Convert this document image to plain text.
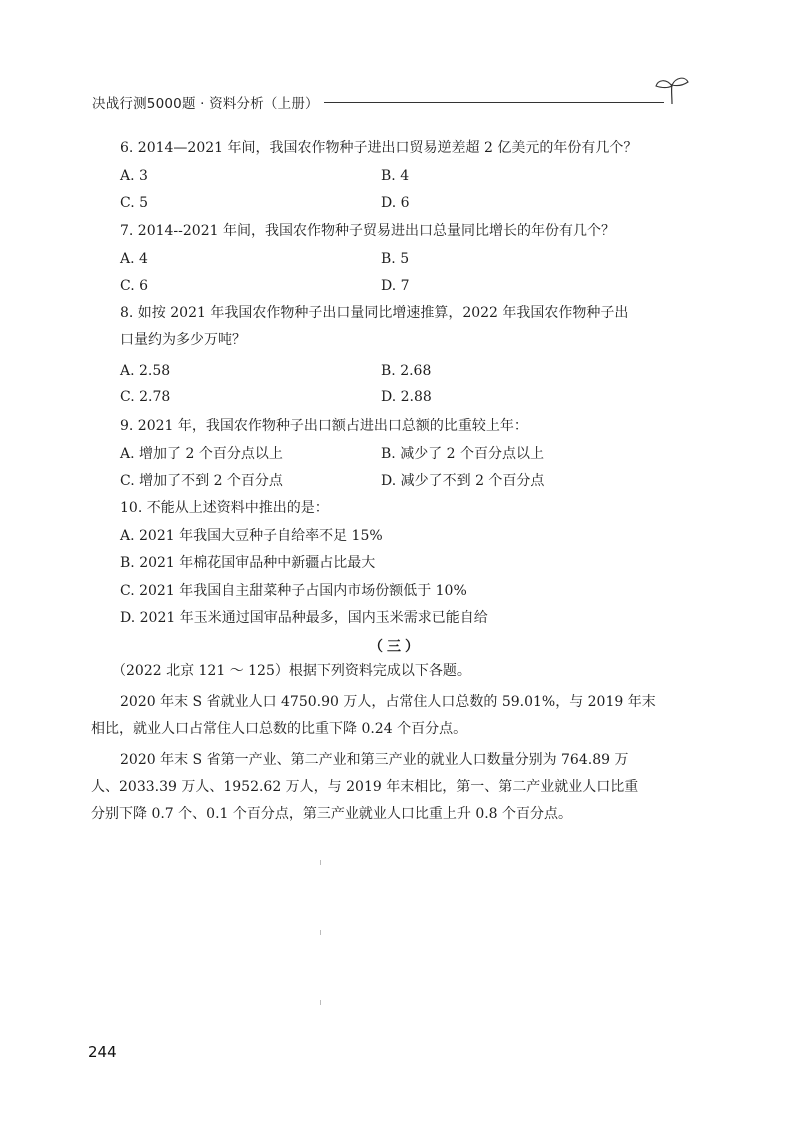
决战行测5000题 · 资料分析（上册）
6. 2014—2021 年间，我国农作物种子进出口贸易逆差超 2 亿美元的年份有几个？
A. 3	B. 4
C. 5	D. 6
7. 2014--2021 年间，我国农作物种子贸易进出口总量同比增长的年份有几个？
A. 4	B. 5
C. 6	D. 7
8. 如按 2021 年我国农作物种子出口量同比增速推算，2022 年我国农作物种子出
口量约为多少万吨？
A. 2.58	B. 2.68
C. 2.78	D. 2.88
9. 2021 年，我国农作物种子出口额占进出口总额的比重较上年：
A. 增加了 2 个百分点以上	B. 减少了 2 个百分点以上
C. 增加了不到 2 个百分点	D. 减少了不到 2 个百分点
10. 不能从上述资料中推出的是：
A. 2021 年我国大豆种子自给率不足 15%
B. 2021 年棉花国审品种中新疆占比最大
C. 2021 年我国自主甜菜种子占国内市场份额低于 10%
D. 2021 年玉米通过国审品种最多，国内玉米需求已能自给
（三）
（2022 北京 121 ～ 125）根据下列资料完成以下各题。
2020 年末 S 省就业人口 4750.90 万人，占常住人口总数的 59.01%，与 2019 年末
相比，就业人口占常住人口总数的比重下降 0.24 个百分点。
2020 年末 S 省第一产业、第二产业和第三产业的就业人口数量分别为 764.89 万
人、2033.39 万人、1952.62 万人，与 2019 年末相比，第一、第二产业就业人口比重
分别下降 0.7 个、0.1 个百分点，第三产业就业人口比重上升 0.8 个百分点。
244
